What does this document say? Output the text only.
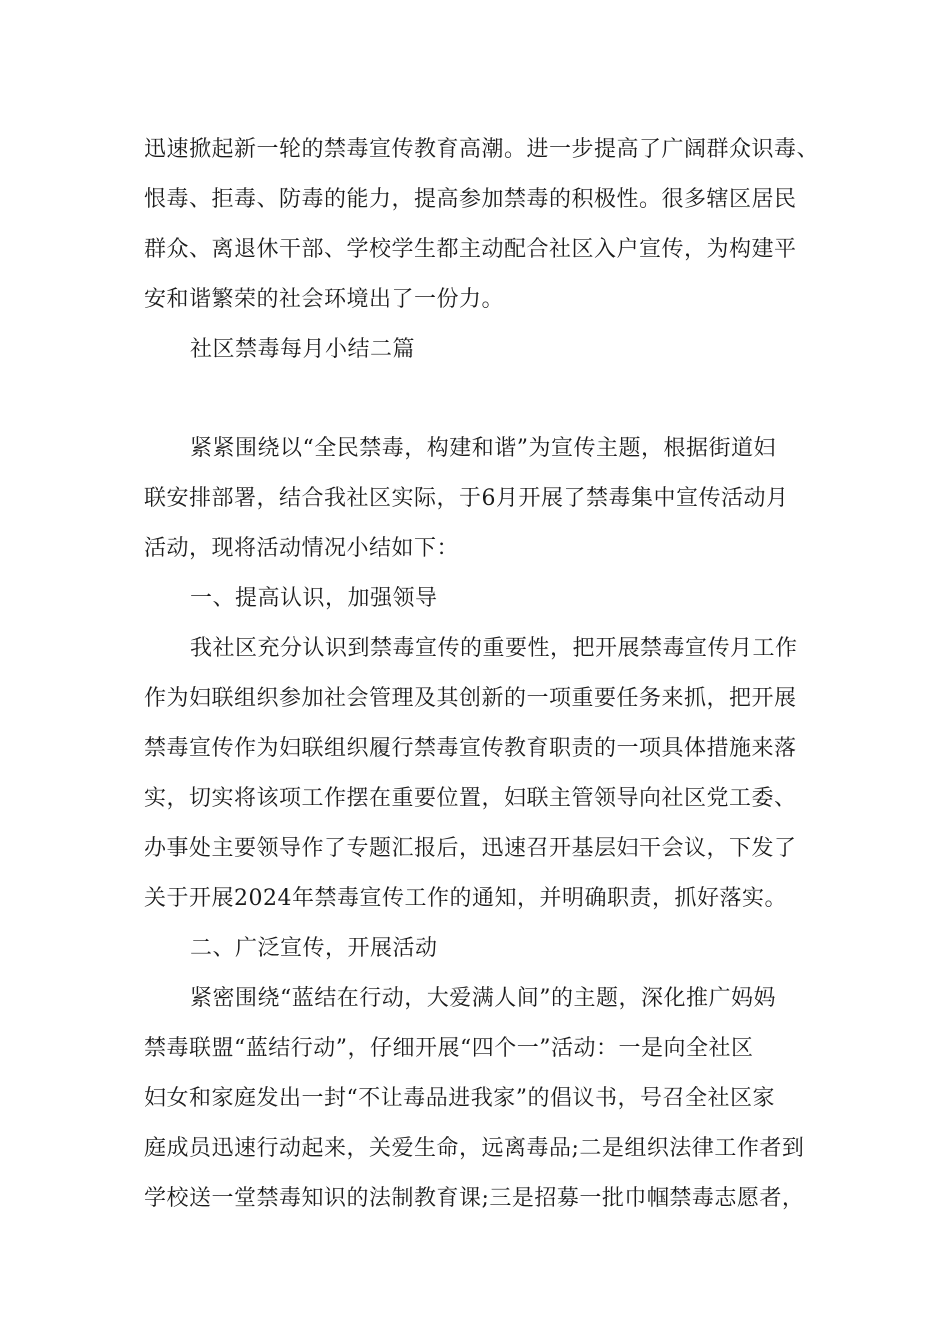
迅速掀起新一轮的禁毒宣传教育高潮。进一步提高了广阔群众识毒、
恨毒、拒毒、防毒的能力，提高参加禁毒的积极性。很多辖区居民
群众、离退休干部、学校学生都主动配合社区入户宣传，为构建平
安和谐繁荣的社会环境出了一份力。
社区禁毒每月小结二篇
紧紧围绕以“全民禁毒，构建和谐”为宣传主题，根据街道妇
联安排部署，结合我社区实际，于6月开展了禁毒集中宣传活动月
活动，现将活动情况小结如下：
一、提高认识，加强领导
我社区充分认识到禁毒宣传的重要性，把开展禁毒宣传月工作
作为妇联组织参加社会管理及其创新的一项重要任务来抓，把开展
禁毒宣传作为妇联组织履行禁毒宣传教育职责的一项具体措施来落
实，切实将该项工作摆在重要位置，妇联主管领导向社区党工委、
办事处主要领导作了专题汇报后，迅速召开基层妇干会议，下发了
关于开展2024年禁毒宣传工作的通知，并明确职责，抓好落实。
二、广泛宣传，开展活动
紧密围绕“蓝结在行动，大爱满人间”的主题，深化推广妈妈
禁毒联盟“蓝结行动”，仔细开展“四个一”活动：一是向全社区
妇女和家庭发出一封“不让毒品进我家”的倡议书，号召全社区家
庭成员迅速行动起来，关爱生命，远离毒品;二是组织法律工作者到
学校送一堂禁毒知识的法制教育课;三是招募一批巾帼禁毒志愿者，
